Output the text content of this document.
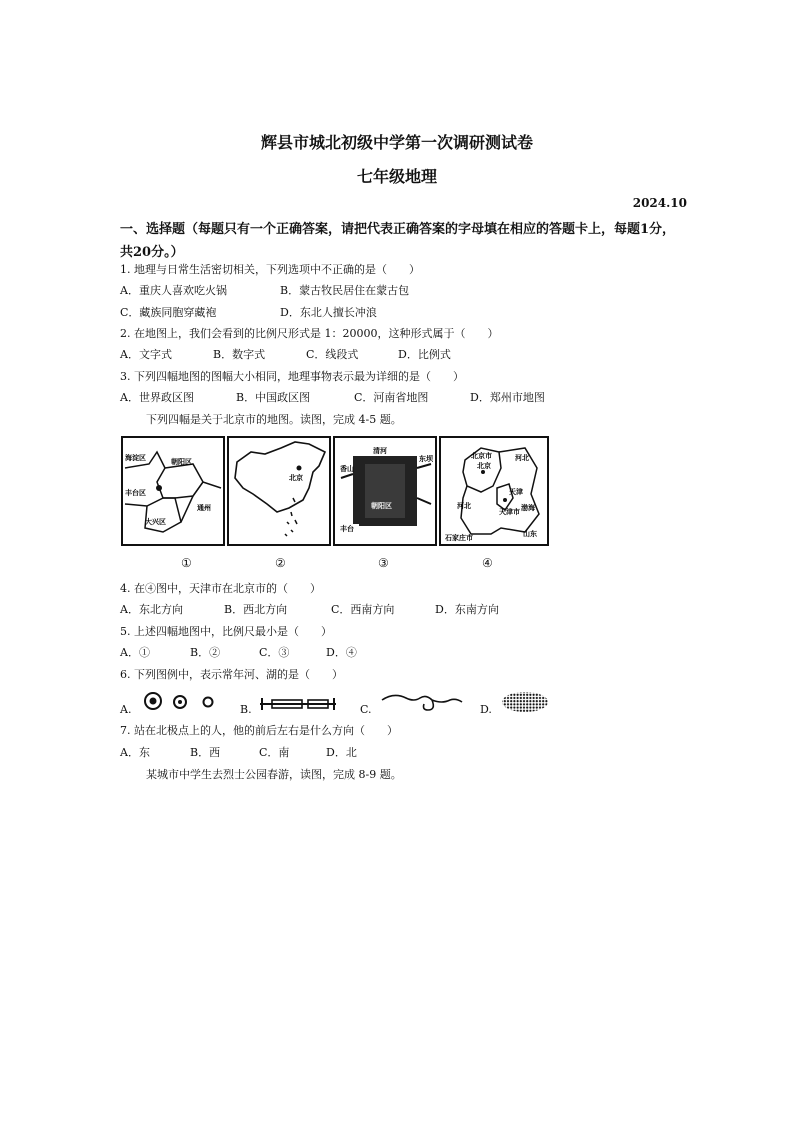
辉县市城北初级中学第一次调研测试卷
七年级地理
2024.10
一、选择题（每题只有一个正确答案，请把代表正确答案的字母填在相应的答题卡上，每题1分，共20分。）
1. 地理与日常生活密切相关，下列选项中不正确的是（　　）
A．重庆人喜欢吃火锅	B．蒙古牧民居住在蒙古包
C．藏族同胞穿藏袍	D．东北人擅长冲浪
2. 在地图上，我们会看到的比例尺形式是 1：20000，这种形式属于（　　）
A．文字式	B．数字式	C．线段式	D．比例式
3. 下列四幅地图的图幅大小相同，地理事物表示最为详细的是（　　）
A．世界政区图	B．中国政区图	C．河南省地图	D．郑州市地图
下列四幅是关于北京市的地图。读图，完成 4-5 题。
海淀区	朝阳区
丰台区
通州
大兴区
北京
清河
东坝
香山
朝阳区
丰台
北京市
北京
河北
天津
天津市 渤海
河北
石家庄市	山东
①	②	③	④
4. 在④图中，天津市在北京市的（　　）
A．东北方向	B．西北方向	C．西南方向	D．东南方向
5. 上述四幅地图中，比例尺最小是（　　）
A．①	B．②	C．③	D．④
6. 下列图例中，表示常年河、湖的是（　　）
A.	B.	C.	D.
7. 站在北极点上的人，他的前后左右是什么方向（　　）
A．东	B．西	C．南	D．北
某城市中学生去烈士公园春游，读图，完成 8-9 题。
